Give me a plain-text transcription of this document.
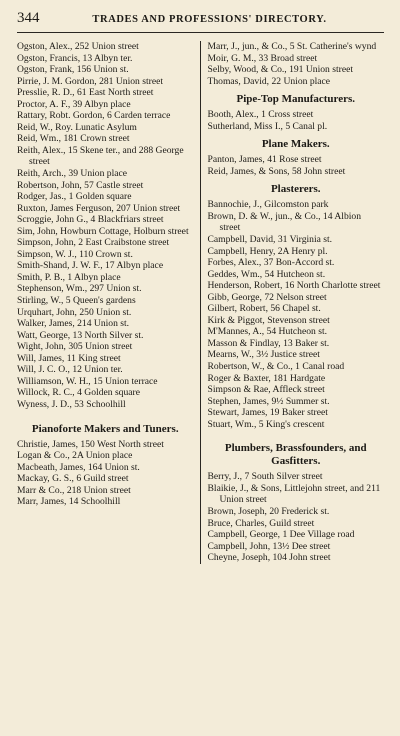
344	TRADES AND PROFESSIONS' DIRECTORY.
Ogston, Alex., 252 Union street
Ogston, Francis, 13 Albyn ter.
Ogston, Frank, 156 Union st.
Pirrie, J. M. Gordon, 281 Union street
Presslie, R. D., 61 East North street
Proctor, A. F., 39 Albyn place
Rattary, Robt. Gordon, 6 Carden terrace
Reid, W., Roy. Lunatic Asylum
Reid, Wm., 181 Crown street
Reith, Alex., 15 Skene ter., and 288 George street
Reith, Arch., 39 Union place
Robertson, John, 57 Castle street
Rodger, Jas., 1 Golden square
Ruxton, James Ferguson, 207 Union street
Scroggie, John G., 4 Blackfriars street
Sim, John, Howburn Cottage, Holburn street
Simpson, John, 2 East Craibstone street
Simpson, W. J., 110 Crown st.
Smith-Shand, J. W. F., 17 Albyn place
Smith, P. B., 1 Albyn place
Stephenson, Wm., 297 Union st.
Stirling, W., 5 Queen's gardens
Urquhart, John, 250 Union st.
Walker, James, 214 Union st.
Watt, George, 13 North Silver st.
Wight, John, 305 Union street
Will, James, 11 King street
Will, J. C. O., 12 Union ter.
Williamson, W. H., 15 Union terrace
Willock, R. C., 4 Golden square
Wyness, J. D., 53 Schoolhill
Pianoforte Makers and Tuners.
Christie, James, 150 West North street
Logan & Co., 2A Union place
Macbeath, James, 164 Union st.
Mackay, G. S., 6 Guild street
Marr & Co., 218 Union street
Marr, James, 14 Schoolhill
Marr, J., jun., & Co., 5 St. Catherine's wynd
Moir, G. M., 33 Broad street
Selby, Wood, & Co., 191 Union street
Thomas, David, 22 Union place
Pipe-Top Manufacturers.
Booth, Alex., 1 Cross street
Sutherland, Miss I., 5 Canal pl.
Plane Makers.
Panton, James, 41 Rose street
Reid, James, & Sons, 58 John street
Plasterers.
Bannochie, J., Gilcomston park
Brown, D. & W., jun., & Co., 14 Albion street
Campbell, David, 31 Virginia st.
Campbell, Henry, 2A Henry pl.
Forbes, Alex., 37 Bon-Accord st.
Geddes, Wm., 54 Hutcheon st.
Henderson, Robert, 16 North Charlotte street
Gibb, George, 72 Nelson street
Gilbert, Robert, 56 Chapel st.
Kirk & Piggot, Stevenson street
M'Mannes, A., 54 Hutcheon st.
Masson & Findlay, 13 Baker st.
Mearns, W., 3½ Justice street
Robertson, W., & Co., 1 Canal road
Roger & Baxter, 181 Hardgate
Simpson & Rae, Affleck street
Stephen, James, 9½ Summer st.
Stewart, James, 19 Baker street
Stuart, Wm., 5 King's crescent
Plumbers, Brassfounders, and Gasfitters.
Berry, J., 7 South Silver street
Blaikie, J., & Sons, Littlejohn street, and 211 Union street
Brown, Joseph, 20 Frederick st.
Bruce, Charles, Guild street
Campbell, George, 1 Dee Village road
Campbell, John, 13½ Dee street
Cheyne, Joseph, 104 John street
